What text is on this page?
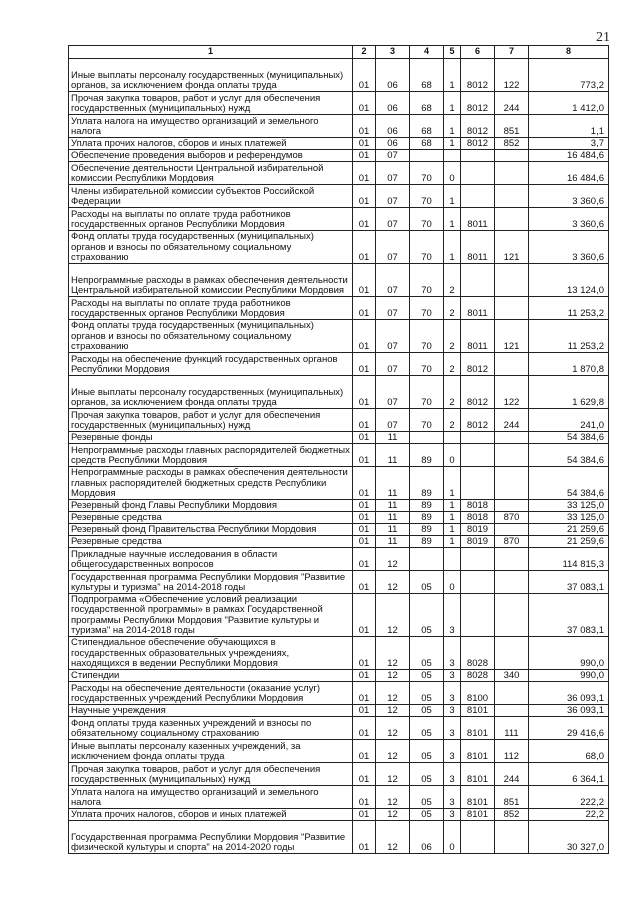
21
1	2	3	4	5	6	7	8
Иные выплаты персоналу государственных (муниципальных) органов, за исключением фонда оплаты труда	01	06	68	1	8012	122	773,2
Прочая закупка товаров, работ и услуг для обеспечения государственных (муниципальных) нужд	01	06	68	1	8012	244	1 412,0
Уплата налога на имущество организаций и земельного налога	01	06	68	1	8012	851	1,1
Уплата прочих налогов, сборов и иных платежей	01	06	68	1	8012	852	3,7
Обеспечение проведения выборов и референдумов	01	07					16 484,6
Обеспечение деятельности Центральной избирательной комиссии Республики Мордовия	01	07	70	0			16 484,6
Члены избирательной комиссии субъектов Российской Федерации	01	07	70	1			3 360,6
Расходы на выплаты по оплате труда работников государственных органов Республики Мордовия	01	07	70	1	8011		3 360,6
Фонд оплаты труда государственных (муниципальных) органов и взносы по обязательному социальному страхованию	01	07	70	1	8011	121	3 360,6
Непрограммные расходы в рамках обеспечения деятельности Центральной избирательной комиссии Республики Мордовия	01	07	70	2			13 124,0
Расходы на выплаты по оплате труда работников государственных органов Республики Мордовия	01	07	70	2	8011		11 253,2
Фонд оплаты труда государственных (муниципальных) органов и взносы по обязательному социальному страхованию	01	07	70	2	8011	121	11 253,2
Расходы на обеспечение функций государственных органов Республики Мордовия	01	07	70	2	8012		1 870,8
Иные выплаты персоналу государственных (муниципальных) органов, за исключением фонда оплаты труда	01	07	70	2	8012	122	1 629,8
Прочая закупка товаров, работ и услуг для обеспечения государственных (муниципальных) нужд	01	07	70	2	8012	244	241,0
Резервные фонды	01	11					54 384,6
Непрограммные расходы главных распорядителей бюджетных средств Республики Мордовия	01	11	89	0			54 384,6
Непрограммные расходы в рамках обеспечения деятельности главных распорядителей бюджетных средств Республики Мордовия	01	11	89	1			54 384,6
Резервный фонд Главы Республики Мордовия	01	11	89	1	8018		33 125,0
Резервные средства	01	11	89	1	8018	870	33 125,0
Резервный фонд Правительства Республики Мордовия	01	11	89	1	8019		21 259,6
Резервные средства	01	11	89	1	8019	870	21 259,6
Прикладные научные исследования в области общегосударственных вопросов	01	12					114 815,3
Государственная программа Республики Мордовия "Развитие культуры и туризма" на 2014-2018 годы	01	12	05	0			37 083,1
Подпрограмма «Обеспечение условий реализации государственной программы» в рамках Государственной программы Республики Мордовия "Развитие культуры и туризма" на 2014-2018 годы	01	12	05	3			37 083,1
Стипендиальное обеспечение обучающихся в государственных образовательных учреждениях, находящихся в ведении Республики Мордовия	01	12	05	3	8028		990,0
Стипендии	01	12	05	3	8028	340	990,0
Расходы на обеспечение деятельности (оказание услуг) государственных учреждений Республики Мордовия	01	12	05	3	8100		36 093,1
Научные учреждения	01	12	05	3	8101		36 093,1
Фонд оплаты труда казенных учреждений и взносы по обязательному социальному страхованию	01	12	05	3	8101	111	29 416,6
Иные выплаты персоналу казенных учреждений, за исключением фонда оплаты труда	01	12	05	3	8101	112	68,0
Прочая закупка товаров, работ и услуг для обеспечения государственных (муниципальных) нужд	01	12	05	3	8101	244	6 364,1
Уплата налога на имущество организаций и земельного налога	01	12	05	3	8101	851	222,2
Уплата прочих налогов, сборов и иных платежей	01	12	05	3	8101	852	22,2
Государственная программа Республики Мордовия "Развитие физической культуры и спорта" на 2014-2020 годы	01	12	06	0			30 327,0
